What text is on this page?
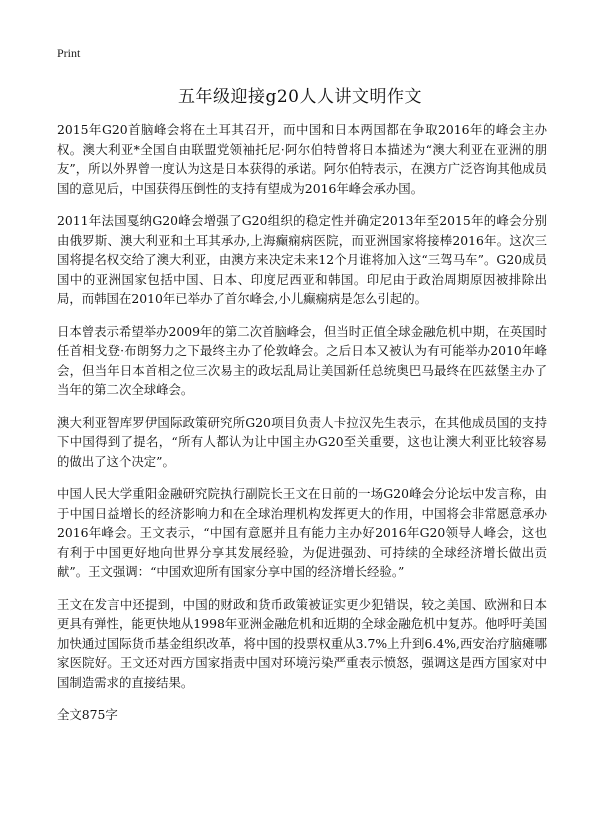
Print
五年级迎接g20人人讲文明作文

2015年G20首脑峰会将在土耳其召开，而中国和日本两国都在争取2016年的峰会主办权。澳大利亚*全国自由联盟党领袖托尼·阿尔伯特曾将日本描述为“澳大利亚在亚洲的朋友”，所以外界曾一度认为这是日本获得的承诺。阿尔伯特表示，在澳方广泛咨询其他成员国的意见后，中国获得压倒性的支持有望成为2016年峰会承办国。

2011年法国戛纳G20峰会增强了G20组织的稳定性并确定2013年至2015年的峰会分别由俄罗斯、澳大利亚和土耳其承办,上海癫痫病医院，而亚洲国家将接棒2016年。这次三国将提名权交给了澳大利亚，由澳方来决定未来12个月谁将加入这“三驾马车”。G20成员国中的亚洲国家包括中国、日本、印度尼西亚和韩国。印尼由于政治周期原因被排除出局，而韩国在2010年已举办了首尔峰会,小儿癫痫病是怎么引起的。

日本曾表示希望举办2009年的第二次首脑峰会，但当时正值全球金融危机中期，在英国时任首相戈登·布朗努力之下最终主办了伦敦峰会。之后日本又被认为有可能举办2010年峰会，但当年日本首相之位三次易主的政坛乱局让美国新任总统奥巴马最终在匹兹堡主办了当年的第二次全球峰会。

澳大利亚智库罗伊国际政策研究所G20项目负责人卡拉汉先生表示，在其他成员国的支持下中国得到了提名，“所有人都认为让中国主办G20至关重要，这也让澳大利亚比较容易的做出了这个决定”。

中国人民大学重阳金融研究院执行副院长王文在日前的一场G20峰会分论坛中发言称，由于中国日益增长的经济影响力和在全球治理机构发挥更大的作用，中国将会非常愿意承办2016年峰会。王文表示，“中国有意愿并且有能力主办好2016年G20领导人峰会，这也有利于中国更好地向世界分享其发展经验，为促进强劲、可持续的全球经济增长做出贡献”。王文强调：“中国欢迎所有国家分享中国的经济增长经验。”

王文在发言中还提到，中国的财政和货币政策被证实更少犯错误，较之美国、欧洲和日本更具有弹性，能更快地从1998年亚洲金融危机和近期的全球金融危机中复苏。他呼吁美国加快通过国际货币基金组织改革，将中国的投票权重从3.7%上升到6.4%,西安治疗脑瘫哪家医院好。王文还对西方国家指责中国对环境污染严重表示愤怒，强调这是西方国家对中国制造需求的直接结果。

全文875字
